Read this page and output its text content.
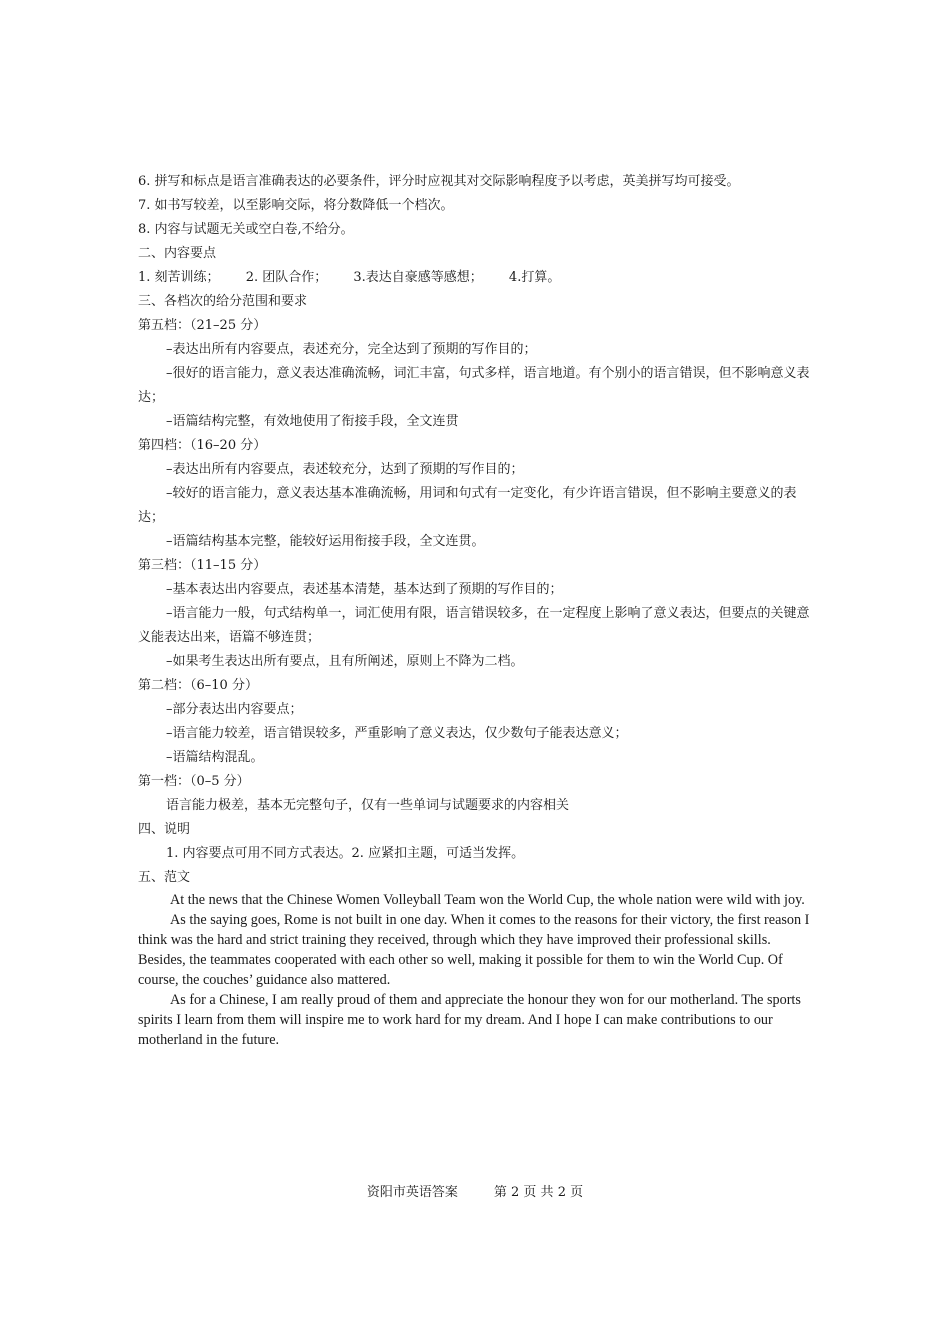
6. 拼写和标点是语言准确表达的必要条件，评分时应视其对交际影响程度予以考虑，英美拼写均可接受。

7. 如书写较差，以至影响交际，将分数降低一个档次。

8. 内容与试题无关或空白卷,不给分。

二、内容要点

1. 刻苦训练； 2. 团队合作； 3.表达自豪感等感想； 4.打算。

三、各档次的给分范围和要求

第五档：（21–25 分）

–表达出所有内容要点，表述充分，完全达到了预期的写作目的；

–很好的语言能力，意义表达准确流畅，词汇丰富，句式多样，语言地道。有个别小的语言错误，但不影响意义表达；

–语篇结构完整，有效地使用了衔接手段，全文连贯

第四档：（16–20 分）

–表达出所有内容要点，表述较充分，达到了预期的写作目的；

–较好的语言能力，意义表达基本准确流畅，用词和句式有一定变化，有少许语言错误，但不影响主要意义的表达；

–语篇结构基本完整，能较好运用衔接手段，全文连贯。

第三档：（11–15 分）

–基本表达出内容要点，表述基本清楚，基本达到了预期的写作目的；

–语言能力一般，句式结构单一，词汇使用有限，语言错误较多，在一定程度上影响了意义表达，但要点的关键意义能表达出来，语篇不够连贯；

–如果考生表达出所有要点，且有所阐述，原则上不降为二档。

第二档：（6–10 分）

–部分表达出内容要点；

–语言能力较差，语言错误较多，严重影响了意义表达，仅少数句子能表达意义；

–语篇结构混乱。

第一档：（0–5 分）

语言能力极差，基本无完整句子，仅有一些单词与试题要求的内容相关

四、说明

1. 内容要点可用不同方式表达。2. 应紧扣主题，可适当发挥。

五、范文

At the news that the Chinese Women Volleyball Team won the World Cup, the whole nation were wild with joy.

As the saying goes, Rome is not built in one day. When it comes to the reasons for their victory, the first reason I think was the hard and strict training they received, through which they have improved their professional skills. Besides, the teammates cooperated with each other so well, making it possible for them to win the World Cup. Of course, the couches’ guidance also mattered.

As for a Chinese, I am really proud of them and appreciate the honour they won for our motherland. The sports spirits I learn from them will inspire me to work hard for my dream. And I hope I can make contributions to our motherland in the future.

资阳市英语答案	第 2 页 共 2 页
